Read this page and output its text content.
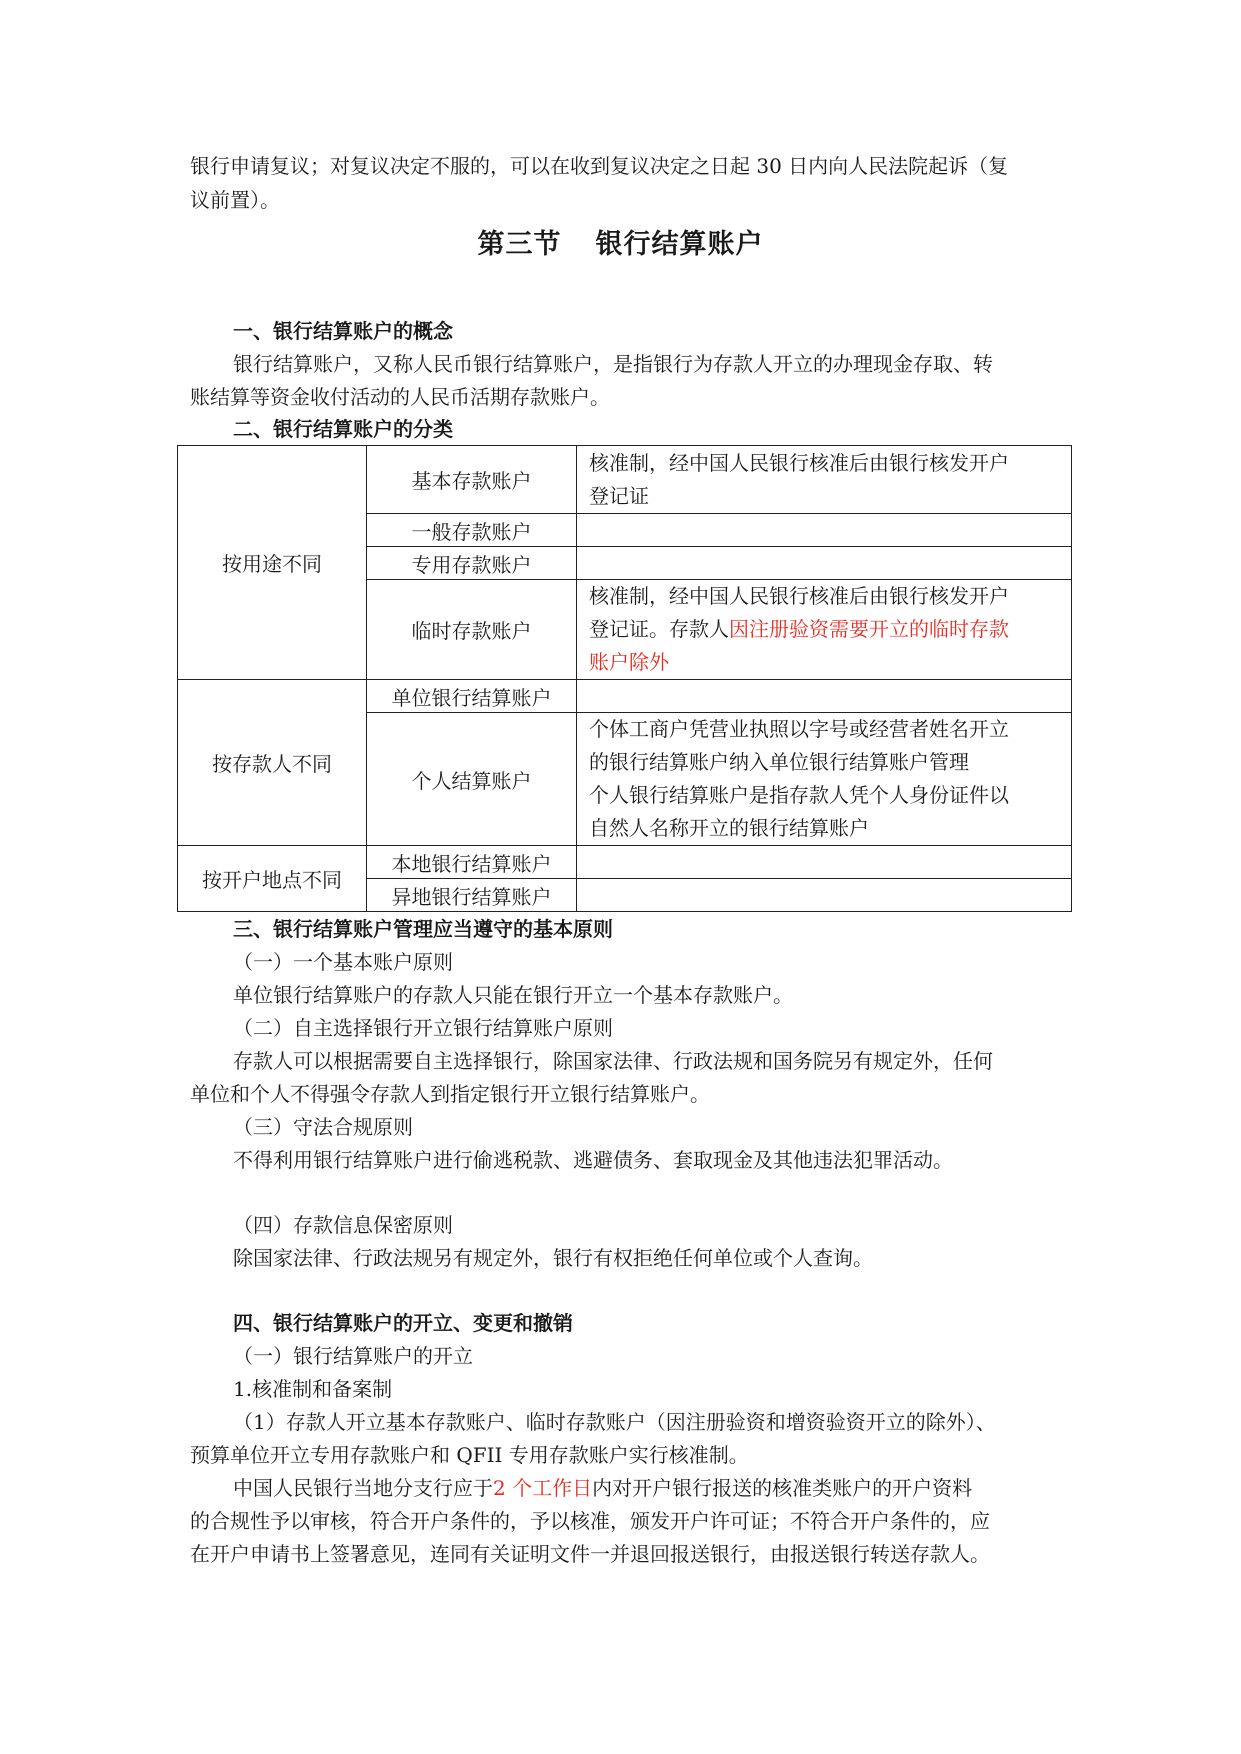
银行申请复议；对复议决定不服的，可以在收到复议决定之日起 30 日内向人民法院起诉（复

议前置）。

第三节 银行结算账户

一、银行结算账户的概念

银行结算账户，又称人民币银行结算账户，是指银行为存款人开立的办理现金存取、转

账结算等资金收付活动的人民币活期存款账户。

二、银行结算账户的分类

按用途不同	基本存款账户	核准制，经中国人民银行核准后由银行核发开户
登记证

	一般存款账户	
	专用存款账户	
	临时存款账户	核准制，经中国人民银行核准后由银行核发开户
登记证。存款人因注册验资需要开立的临时存款
账户除外

按存款人不同	单位银行结算账户	
	个人结算账户	个体工商户凭营业执照以字号或经营者姓名开立
的银行结算账户纳入单位银行结算账户管理
个人银行结算账户是指存款人凭个人身份证件以
自然人名称开立的银行结算账户

按开户地点不同	本地银行结算账户	
	异地银行结算账户	

三、银行结算账户管理应当遵守的基本原则

（一）一个基本账户原则

单位银行结算账户的存款人只能在银行开立一个基本存款账户。

（二）自主选择银行开立银行结算账户原则

存款人可以根据需要自主选择银行，除国家法律、行政法规和国务院另有规定外，任何

单位和个人不得强令存款人到指定银行开立银行结算账户。

（三）守法合规原则

不得利用银行结算账户进行偷逃税款、逃避债务、套取现金及其他违法犯罪活动。

（四）存款信息保密原则

除国家法律、行政法规另有规定外，银行有权拒绝任何单位或个人查询。

四、银行结算账户的开立、变更和撤销

（一）银行结算账户的开立

1.核准制和备案制

（1）存款人开立基本存款账户、临时存款账户（因注册验资和增资验资开立的除外）、

预算单位开立专用存款账户和 QFII 专用存款账户实行核准制。

中国人民银行当地分支行应于2 个工作日内对开户银行报送的核准类账户的开户资料

的合规性予以审核，符合开户条件的，予以核准，颁发开户许可证；不符合开户条件的，应

在开户申请书上签署意见，连同有关证明文件一并退回报送银行，由报送银行转送存款人。
